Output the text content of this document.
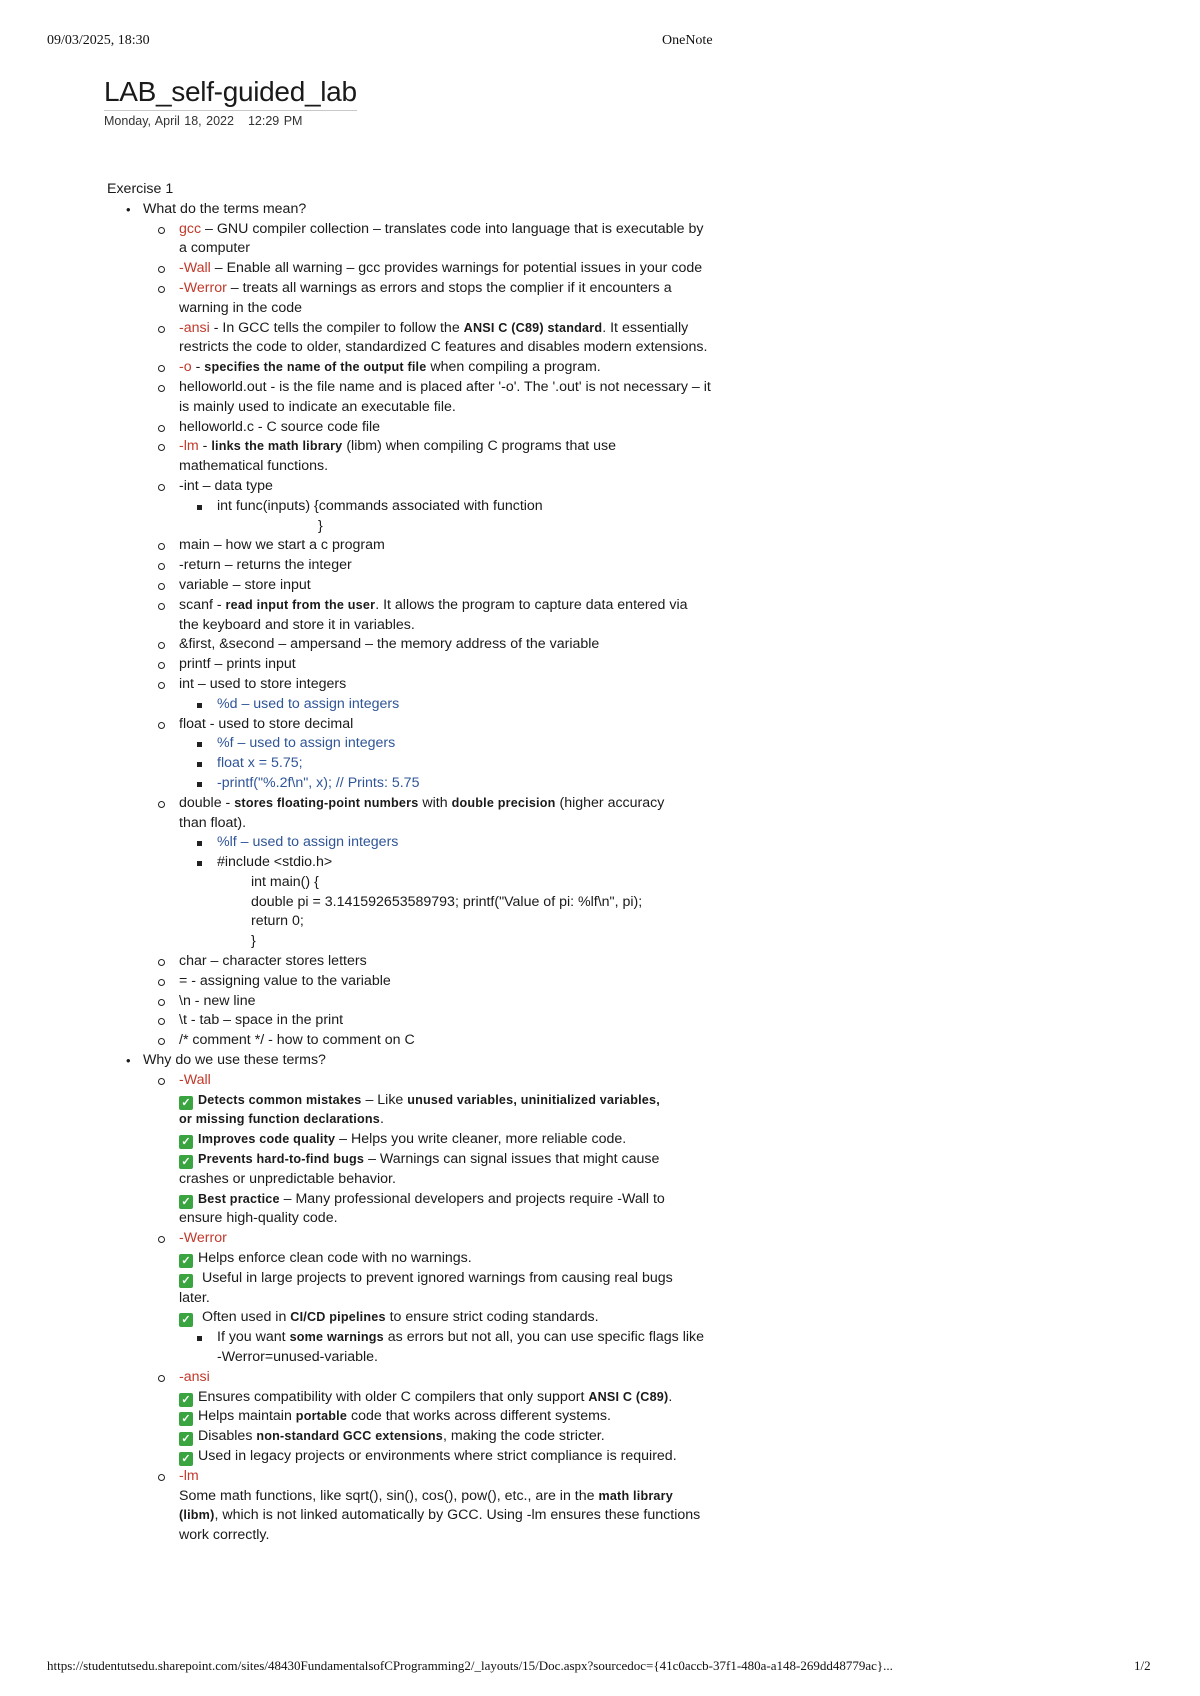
09/03/2025, 18:30	OneNote
LAB_self-guided_lab
Monday, April 18, 2022 12:29 PM
Exercise 1
• What do the terms mean?
gcc – GNU compiler collection – translates code into language that is executable by
a computer
-Wall – Enable all warning – gcc provides warnings for potential issues in your code
-Werror – treats all warnings as errors and stops the complier if it encounters a
warning in the code
-ansi - In GCC tells the compiler to follow the ANSI C (C89) standard. It essentially
restricts the code to older, standardized C features and disables modern extensions.
-o - specifies the name of the output file when compiling a program.
helloworld.out - is the file name and is placed after '-o'. The '.out' is not necessary – it
is mainly used to indicate an executable file.
helloworld.c - C source code file
-lm - links the math library (libm) when compiling C programs that use
mathematical functions.
-int – data type
int func(inputs) {commands associated with function
}
main – how we start a c program
-return – returns the integer
variable – store input
scanf - read input from the user. It allows the program to capture data entered via
the keyboard and store it in variables.
&first, &second – ampersand – the memory address of the variable
printf – prints input
int – used to store integers
%d – used to assign integers
float - used to store decimal
%f – used to assign integers
float x = 5.75;
-printf("%.2f\n", x); // Prints: 5.75
double - stores floating-point numbers with double precision (higher accuracy
than float).
%lf – used to assign integers
#include <stdio.h>
int main() {
double pi = 3.141592653589793; printf("Value of pi: %lf\n", pi);
return 0;
}
char – character stores letters
= - assigning value to the variable
\n - new line
\t - tab – space in the print
/* comment */ - how to comment on C
• Why do we use these terms?
-Wall
✓ Detects common mistakes – Like unused variables, uninitialized variables,
or missing function declarations.
✓ Improves code quality – Helps you write cleaner, more reliable code.
✓ Prevents hard-to-find bugs – Warnings can signal issues that might cause
crashes or unpredictable behavior.
✓ Best practice – Many professional developers and projects require -Wall to
ensure high-quality code.
-Werror
✓ Helps enforce clean code with no warnings.
✓ Useful in large projects to prevent ignored warnings from causing real bugs
later.
✓ Often used in CI/CD pipelines to ensure strict coding standards.
If you want some warnings as errors but not all, you can use specific flags like
-Werror=unused-variable.
-ansi
✓ Ensures compatibility with older C compilers that only support ANSI C (C89).
✓ Helps maintain portable code that works across different systems.
✓ Disables non-standard GCC extensions, making the code stricter.
✓ Used in legacy projects or environments where strict compliance is required.
-lm
Some math functions, like sqrt(), sin(), cos(), pow(), etc., are in the math library
(libm), which is not linked automatically by GCC. Using -lm ensures these functions
work correctly.
https://studentutsedu.sharepoint.com/sites/48430FundamentalsofCProgramming2/_layouts/15/Doc.aspx?sourcedoc={41c0accb-37f1-480a-a148-269dd48779ac}...	1/2
